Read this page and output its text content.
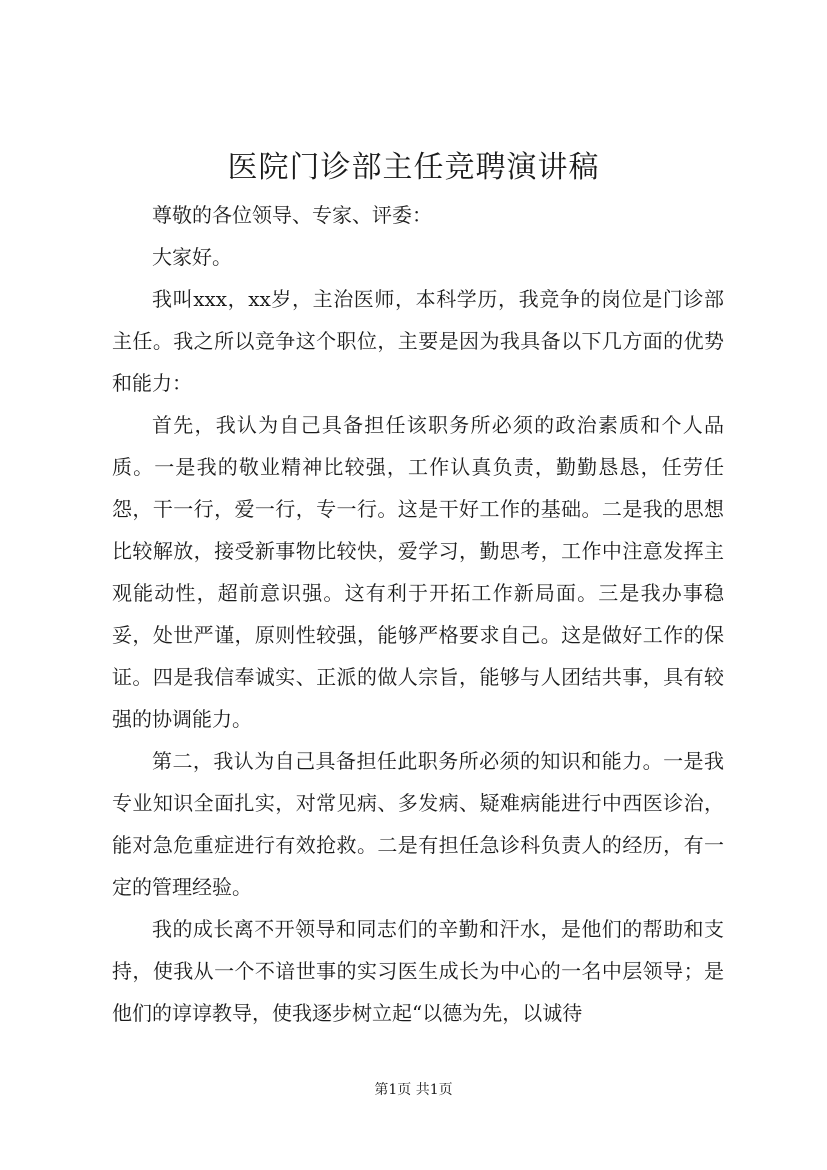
医院门诊部主任竞聘演讲稿

尊敬的各位领导、专家、评委：

大家好。

我叫xxx，xx岁，主治医师，本科学历，我竞争的岗位是门诊部主任。我之所以竞争这个职位，主要是因为我具备以下几方面的优势和能力：

首先，我认为自己具备担任该职务所必须的政治素质和个人品质。一是我的敬业精神比较强，工作认真负责，勤勤恳恳，任劳任怨，干一行，爱一行，专一行。这是干好工作的基础。二是我的思想比较解放，接受新事物比较快，爱学习，勤思考，工作中注意发挥主观能动性，超前意识强。这有利于开拓工作新局面。三是我办事稳妥，处世严谨，原则性较强，能够严格要求自己。这是做好工作的保证。四是我信奉诚实、正派的做人宗旨，能够与人团结共事，具有较强的协调能力。

第二，我认为自己具备担任此职务所必须的知识和能力。一是我专业知识全面扎实，对常见病、多发病、疑难病能进行中西医诊治，能对急危重症进行有效抢救。二是有担任急诊科负责人的经历，有一定的管理经验。

我的成长离不开领导和同志们的辛勤和汗水，是他们的帮助和支持，使我从一个不谙世事的实习医生成长为中心的一名中层领导；是他们的谆谆教导，使我逐步树立起“以德为先，以诚待

第1页 共1页
